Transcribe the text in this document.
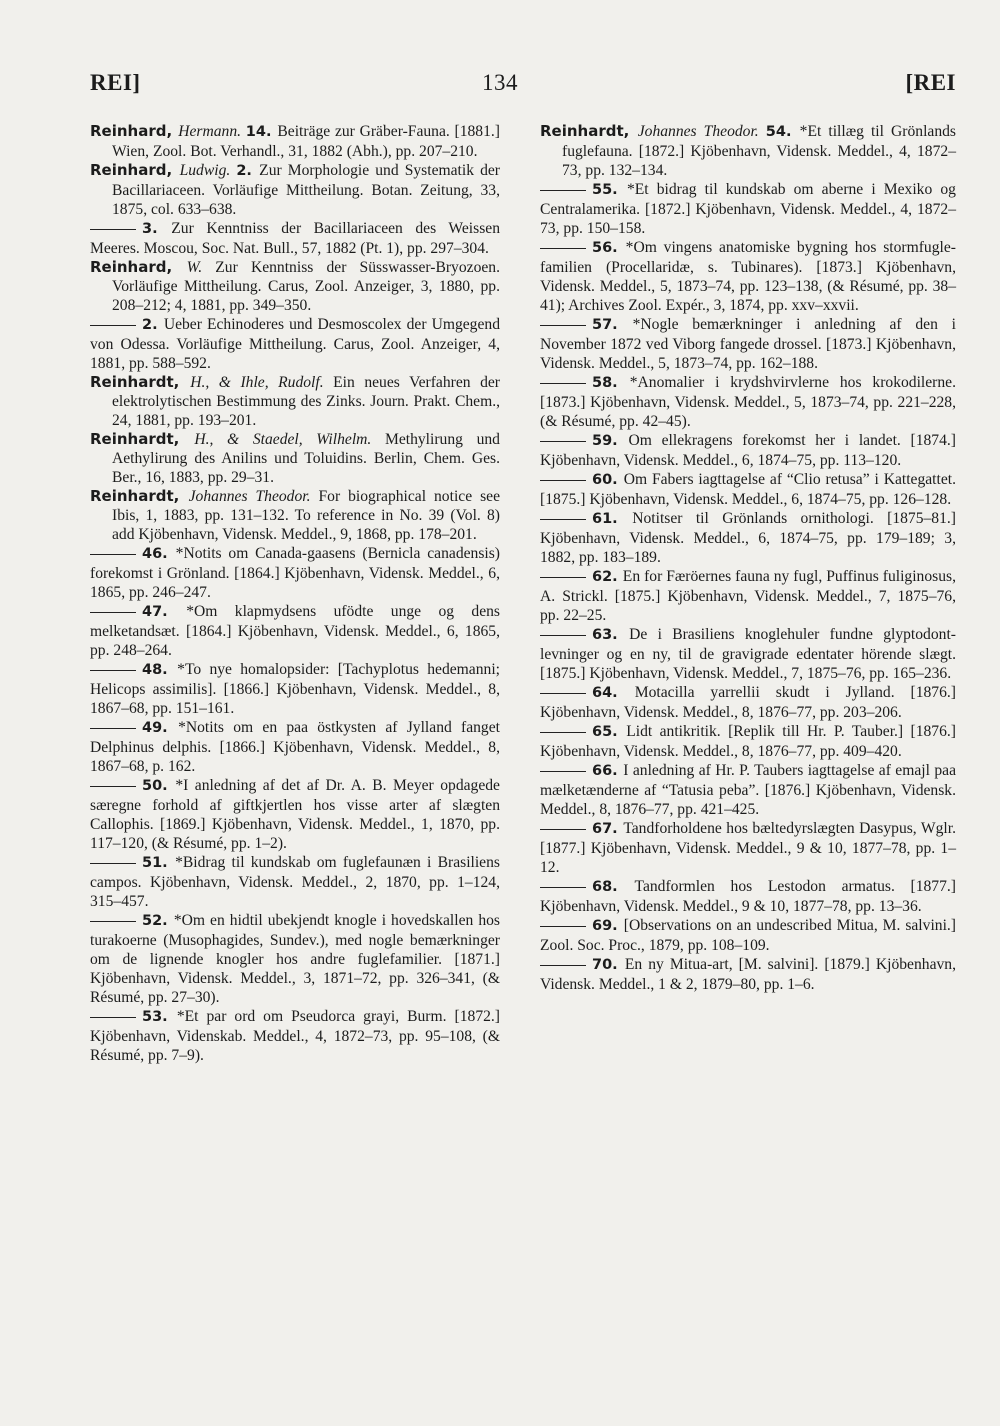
134
REI]	[REI

Reinhard, Hermann. 14. Beiträge zur Gräber-Fauna. [1881.] Wien, Zool. Bot. Verhandl., 31, 1882 (Abh.), pp. 207–210.

Reinhard, Ludwig. 2. Zur Morphologie und Systematik der Bacillariaceen. Vorläufige Mittheilung. Botan. Zeitung, 33, 1875, col. 633–638.

3. Zur Kenntniss der Bacillariaceen des Weissen Meeres. Moscou, Soc. Nat. Bull., 57, 1882 (Pt. 1), pp. 297–304.

Reinhard, W. Zur Kenntniss der Süsswasser-Bryozoen. Vorläufige Mittheilung. Carus, Zool. Anzeiger, 3, 1880, pp. 208–212; 4, 1881, pp. 349–350.

2. Ueber Echinoderes und Desmoscolex der Umgegend von Odessa. Vorläufige Mittheilung. Carus, Zool. Anzeiger, 4, 1881, pp. 588–592.

Reinhardt, H., & Ihle, Rudolf. Ein neues Verfahren der elektrolytischen Bestimmung des Zinks. Journ. Prakt. Chem., 24, 1881, pp. 193–201.

Reinhardt, H., & Staedel, Wilhelm. Methylirung und Aethylirung des Anilins und Toluidins. Berlin, Chem. Ges. Ber., 16, 1883, pp. 29–31.

Reinhardt, Johannes Theodor. For biographical notice see Ibis, 1, 1883, pp. 131–132. To reference in No. 39 (Vol. 8) add Kjöbenhavn, Vidensk. Meddel., 9, 1868, pp. 178–201.

46. *Notits om Canada-gaasens (Bernicla canadensis) forekomst i Grönland. [1864.] Kjöbenhavn, Vidensk. Meddel., 6, 1865, pp. 246–247.

47. *Om klapmydsens ufödte unge og dens melketandsæt. [1864.] Kjöbenhavn, Vidensk. Meddel., 6, 1865, pp. 248–264.

48. *To nye homalopsider: [Tachyplotus hedemanni; Helicops assimilis]. [1866.] Kjöbenhavn, Vidensk. Meddel., 8, 1867–68, pp. 151–161.

49. *Notits om en paa östkysten af Jylland fanget Delphinus delphis. [1866.] Kjöbenhavn, Vidensk. Meddel., 8, 1867–68, p. 162.

50. *I anledning af det af Dr. A. B. Meyer opdagede særegne forhold af giftkjertlen hos visse arter af slægten Callophis. [1869.] Kjöbenhavn, Vidensk. Meddel., 1, 1870, pp. 117–120, (& Résumé, pp. 1–2).

51. *Bidrag til kundskab om fuglefaunæn i Brasiliens campos. Kjöbenhavn, Vidensk. Meddel., 2, 1870, pp. 1–124, 315–457.

52. *Om en hidtil ubekjendt knogle i hovedskallen hos turakoerne (Musophagides, Sundev.), med nogle bemærkninger om de lignende knogler hos andre fuglefamilier. [1871.] Kjöbenhavn, Vidensk. Meddel., 3, 1871–72, pp. 326–341, (& Résumé, pp. 27–30).

53. *Et par ord om Pseudorca grayi, Burm. [1872.] Kjöbenhavn, Videnskab. Meddel., 4, 1872–73, pp. 95–108, (& Résumé, pp. 7–9).

Reinhardt, Johannes Theodor. 54. *Et tillæg til Grönlands fuglefauna. [1872.] Kjöbenhavn, Vidensk. Meddel., 4, 1872–73, pp. 132–134.

55. *Et bidrag til kundskab om aberne i Mexiko og Centralamerika. [1872.] Kjöbenhavn, Vidensk. Meddel., 4, 1872–73, pp. 150–158.

56. *Om vingens anatomiske bygning hos stormfugle-familien (Procellaridæ, s. Tubinares). [1873.] Kjöbenhavn, Vidensk. Meddel., 5, 1873–74, pp. 123–138, (& Résumé, pp. 38–41); Archives Zool. Expér., 3, 1874, pp. xxv–xxvii.

57. *Nogle bemærkninger i anledning af den i November 1872 ved Viborg fangede drossel. [1873.] Kjöbenhavn, Vidensk. Meddel., 5, 1873–74, pp. 162–188.

58. *Anomalier i krydshvirvlerne hos krokodilerne. [1873.] Kjöbenhavn, Vidensk. Meddel., 5, 1873–74, pp. 221–228, (& Résumé, pp. 42–45).

59. Om ellekragens forekomst her i landet. [1874.] Kjöbenhavn, Vidensk. Meddel., 6, 1874–75, pp. 113–120.

60. Om Fabers iagttagelse af “Clio retusa” i Kattegattet. [1875.] Kjöbenhavn, Vidensk. Meddel., 6, 1874–75, pp. 126–128.

61. Notitser til Grönlands ornithologi. [1875–81.] Kjöbenhavn, Vidensk. Meddel., 6, 1874–75, pp. 179–189; 3, 1882, pp. 183–189.

62. En for Færöernes fauna ny fugl, Puffinus fuliginosus, A. Strickl. [1875.] Kjöbenhavn, Vidensk. Meddel., 7, 1875–76, pp. 22–25.

63. De i Brasiliens knoglehuler fundne glyptodont-levninger og en ny, til de gravigrade edentater hörende slægt. [1875.] Kjöbenhavn, Vidensk. Meddel., 7, 1875–76, pp. 165–236.

64. Motacilla yarrellii skudt i Jylland. [1876.] Kjöbenhavn, Vidensk. Meddel., 8, 1876–77, pp. 203–206.

65. Lidt antikritik. [Replik till Hr. P. Tauber.] [1876.] Kjöbenhavn, Vidensk. Meddel., 8, 1876–77, pp. 409–420.

66. I anledning af Hr. P. Taubers iagttagelse af emajl paa mælketænderne af “Tatusia peba”. [1876.] Kjöbenhavn, Vidensk. Meddel., 8, 1876–77, pp. 421–425.

67. Tandforholdene hos bæltedyrslægten Dasypus, Wglr. [1877.] Kjöbenhavn, Vidensk. Meddel., 9 & 10, 1877–78, pp. 1–12.

68. Tandformlen hos Lestodon armatus. [1877.] Kjöbenhavn, Vidensk. Meddel., 9 & 10, 1877–78, pp. 13–36.

69. [Observations on an undescribed Mitua, M. salvini.] Zool. Soc. Proc., 1879, pp. 108–109.

70. En ny Mitua-art, [M. salvini]. [1879.] Kjöbenhavn, Vidensk. Meddel., 1 & 2, 1879–80, pp. 1–6.
